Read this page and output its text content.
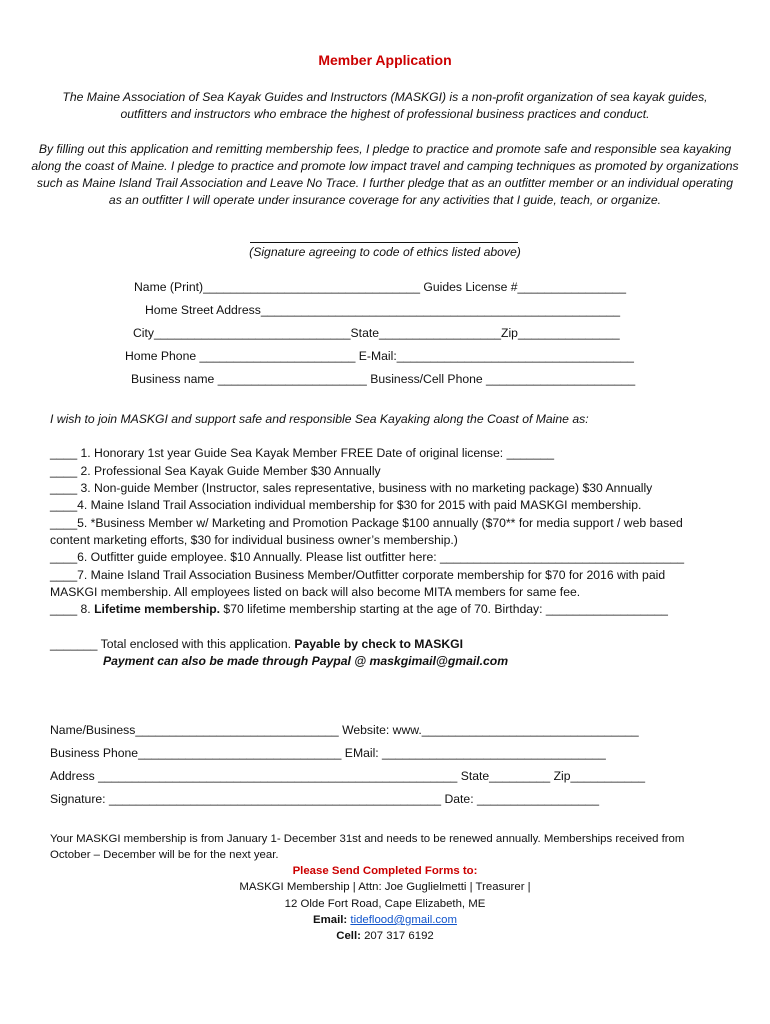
Member Application
The Maine Association of Sea Kayak Guides and Instructors (MASKGI) is a non-profit organization of sea kayak guides,
outfitters and instructors who embrace the highest of professional business practices and conduct.
By filling out this application and remitting membership fees, I pledge to practice and promote safe and responsible sea kayaking
along the coast of Maine. I pledge to practice and promote low impact travel and camping techniques as promoted by organizations
such as Maine Island Trail Association and Leave No Trace. I further pledge that as an outfitter member or an individual operating
as an outfitter I will operate under insurance coverage for any activities that I guide, teach, or organize.
(Signature agreeing to code of ethics listed above)
Name (Print)________________________________ Guides License #________________
Home Street Address_____________________________________________________
City_____________________________State__________________Zip_______________
Home Phone _______________________ E-Mail:___________________________________
Business name ______________________ Business/Cell Phone ______________________
I wish to join MASKGI and support safe and responsible Sea Kayaking along the Coast of Maine as:
____ 1. Honorary 1st year Guide Sea Kayak Member FREE Date of original license: _______
____ 2. Professional Sea Kayak Guide Member $30 Annually
____ 3. Non-guide Member (Instructor, sales representative, business with no marketing package) $30 Annually
____4. Maine Island Trail Association individual membership for $30 for 2015 with paid MASKGI membership.
____5. *Business Member w/ Marketing and Promotion Package $100 annually ($70** for media support / web based
content marketing efforts, $30 for individual business owner’s membership.)
____6. Outfitter guide employee. $10 Annually. Please list outfitter here: ____________________________________
____7. Maine Island Trail Association Business Member/Outfitter corporate membership for $70 for 2016 with paid
MASKGI membership. All employees listed on back will also become MITA members for same fee.
____ 8. Lifetime membership. $70 lifetime membership starting at the age of 70. Birthday: __________________
_______ Total enclosed with this application. Payable by check to MASKGI
Payment can also be made through Paypal @ maskgimail@gmail.com
Name/Business______________________________ Website: www.________________________________
Business Phone______________________________ EMail: _________________________________
Address _____________________________________________________ State_________ Zip___________
Signature: _________________________________________________ Date: __________________
Your MASKGI membership is from January 1- December 31st and needs to be renewed annually. Memberships received from
October – December will be for the next year.
Please Send Completed Forms to:
MASKGI Membership | Attn: Joe Guglielmetti | Treasurer |
12 Olde Fort Road, Cape Elizabeth, ME
Email: tideflood@gmail.com
Cell: 207 317 6192
